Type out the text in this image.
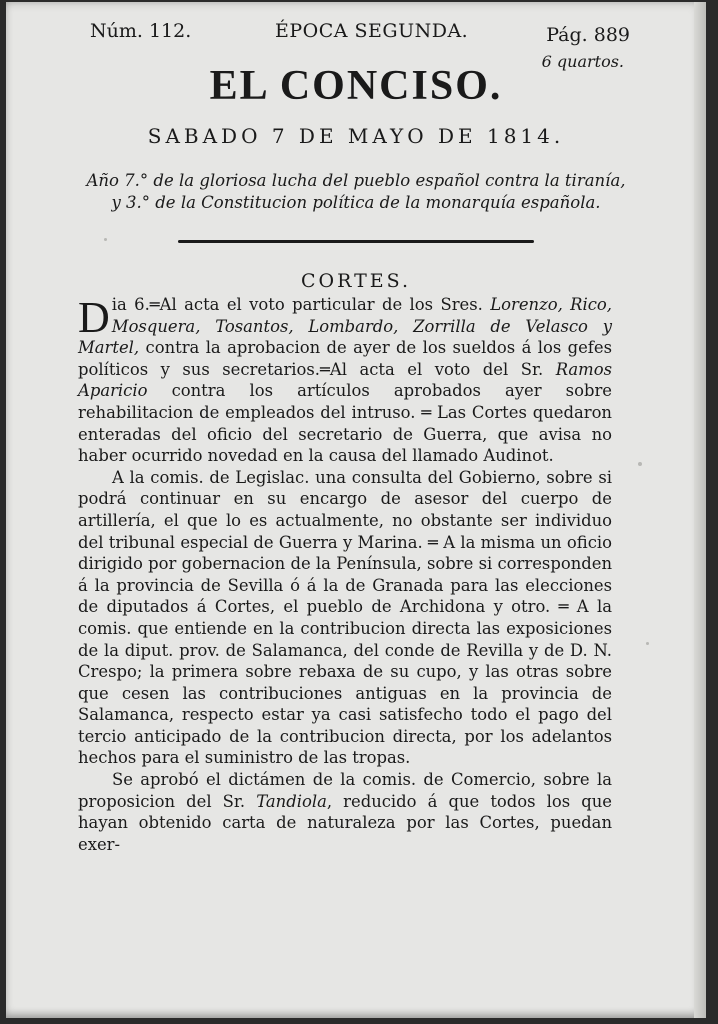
Núm. 112.	ÉPOCA SEGUNDA.	Pág. 889
6 quartos.
EL CONCISO.
SABADO 7 DE MAYO DE 1814.
Año 7.° de la gloriosa lucha del pueblo español contra la tiranía,
y 3.° de la Constitucion política de la monarquía española.
CORTES.

Dia 6.═Al acta el voto particular de los Sres. Lorenzo, Rico, Mosquera, Tosantos, Lombardo, Zorrilla de Velasco y Martel, contra la aprobacion de ayer de los sueldos á los gefes políticos y sus secretarios.═Al acta el voto del Sr. Ramos Aparicio contra los artículos aprobados ayer sobre rehabilitacion de empleados del intruso. ═ Las Cortes quedaron enteradas del oficio del secretario de Guerra, que avisa no haber ocurrido novedad en la causa del llamado Audinot.

A la comis. de Legislac. una consulta del Gobierno, sobre si podrá continuar en su encargo de asesor del cuerpo de artillería, el que lo es actualmente, no obstante ser individuo del tribunal especial de Guerra y Marina. ═ A la misma un oficio dirigido por gobernacion de la Península, sobre si corresponden á la provincia de Sevilla ó á la de Granada para las elecciones de diputados á Cortes, el pueblo de Archidona y otro. ═ A la comis. que entiende en la contribucion directa las exposiciones de la diput. prov. de Salamanca, del conde de Revilla y de D. N. Crespo; la primera sobre rebaxa de su cupo, y las otras sobre que cesen las contribuciones antiguas en la provincia de Salamanca, respecto estar ya casi satisfecho todo el pago del tercio anticipado de la contribucion directa, por los adelantos hechos para el suministro de las tropas.

Se aprobó el dictámen de la comis. de Comercio, sobre la proposicion del Sr. Tandiola, reducido á que todos los que hayan obtenido carta de naturaleza por las Cortes, puedan exer-
